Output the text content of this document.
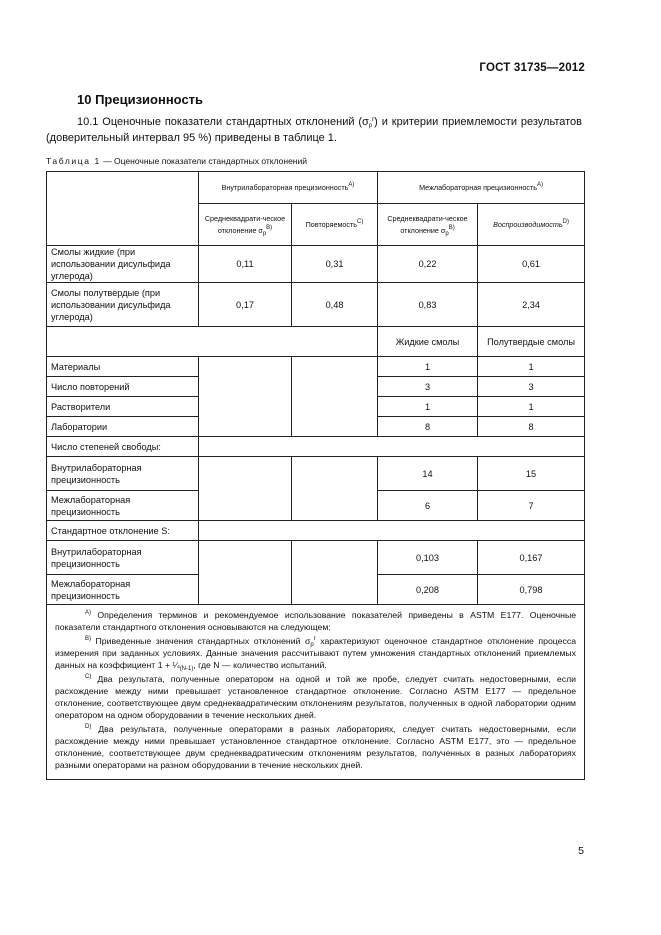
ГОСТ 31735—2012
10 Прецизионность
10.1 Оценочные показатели стандартных отклонений $(\sigma_p^r)$ и критерии приемлемости результатов (доверительный интервал 95 %) приведены в таблице 1.
Таблица 1 — Оценочные показатели стандартных отклонений
	Внутрилабораторная прецизионность$^{A)}$		Межлабораторная прецизионность$^{A)}$
	Среднеквадрати-ческое отклонение $\sigma_p^{B)}$	Повторяемость$^{C)}$	Среднеквадрати-ческое отклонение $\sigma_p^{B)}$	Воспроизводимость$^{D)}$
Смолы жидкие (при использовании дисульфида углерода)	0,11	0,31	0,22	0,61
Смолы полутвердые (при использовании дисульфида углерода)	0,17	0,48	0,83	2,34
			Жидкие смолы	Полутвердые смолы
Материалы			1	1
Число повторений			3	3
Растворители			1	1
Лаборатории			8	8
Число степеней свободы:				
Внутрилабораторная прецизионность			14	15
Межлабораторная прецизионность			6	7
Стандартное отклонение S:				
Внутрилабораторная прецизионность			0,103	0,167
Межлабораторная прецизионность			0,208	0,798

$^{A)}$ Определения терминов и рекомендуемое использование показателей приведены в ASTM E177. Оценочные показатели стандартного отклонения основываются на следующем:

$^{B)}$ Приведенные значения стандартных отклонений $\sigma_p^r$ характеризуют оценочное стандартное отклонение процесса измерения при заданных условиях. Данные значения рассчитывают путем умножения стандартных отклонений приемлемых данных на коэффициент $1 + \frac{1}{4}_{(N-1)}$, где N — количество испытаний.

$^{C)}$ Два результата, полученные оператором на одной и той же пробе, следует считать недостоверными, если расхождение между ними превышает установленное стандартное отклонение. Согласно ASTM E177 — предельное отклонение, соответствующее двум среднеквадратическим отклонениям результатов, полученных в одной лаборатории одним оператором на одном оборудовании в течение нескольких дней.

$^{D)}$ Два результата, полученные операторами в разных лабораториях, следует считать недостоверными, если расхождение между ними превышает установленное стандартное отклонение. Согласно ASTM E177, это — предельное отклонение, соответствующее двум среднеквадратическим отклонениям результатов, полученных в разных лабораториях разными операторами на разном оборудовании в течение нескольких дней.				

5
